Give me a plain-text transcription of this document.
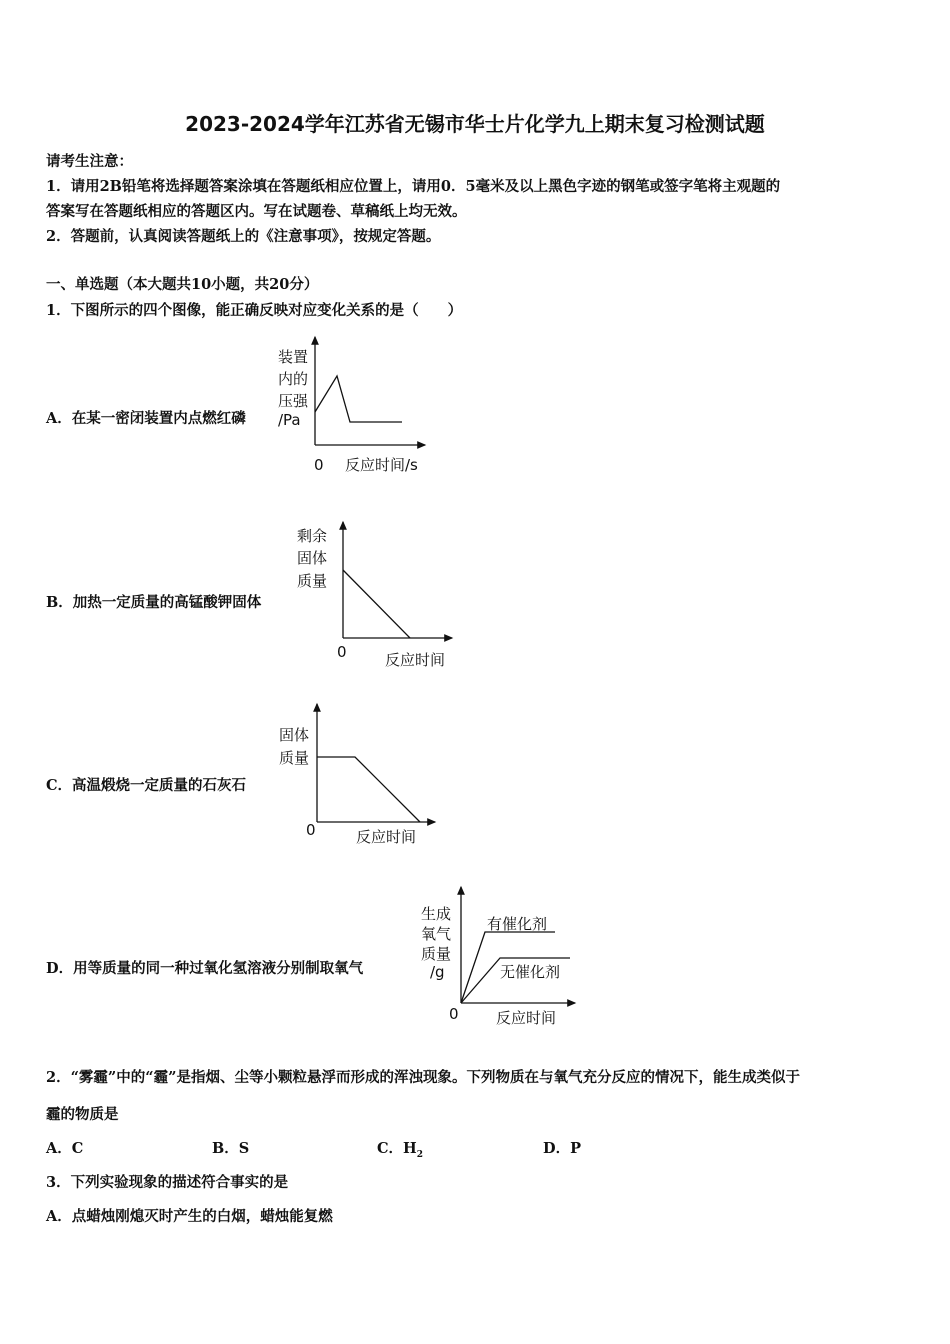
2023-2024学年江苏省无锡市华士片化学九上期末复习检测试题
请考生注意：
1．请用2B铅笔将选择题答案涂填在答题纸相应位置上，请用0．5毫米及以上黑色字迹的钢笔或签字笔将主观题的
答案写在答题纸相应的答题区内。写在试题卷、草稿纸上均无效。
2．答题前，认真阅读答题纸上的《注意事项》，按规定答题。
一、单选题（本大题共10小题，共20分）
1．下图所示的四个图像，能正确反映对应变化关系的是（　　）
A．在某一密闭装置内点燃红磷
B．加热一定质量的高锰酸钾固体
C．高温煅烧一定质量的石灰石
D．用等质量的同一种过氧化氢溶液分别制取氧气
装置
内的
压强
/Pa
0 反应时间/s
剩余
固体
质量
0	反应时间
固体
质量
0	反应时间
生成
氧气
质量
/g
有催化剂
无催化剂
0 反应时间
2．“雾霾”中的“霾”是指烟、尘等小颗粒悬浮而形成的浑浊现象。下列物质在与氧气充分反应的情况下，能生成类似于
霾的物质是
A．C	B．S	C．$H_2$	D．P
3．下列实验现象的描述符合事实的是
A．点蜡烛刚熄灭时产生的白烟，蜡烛能复燃
